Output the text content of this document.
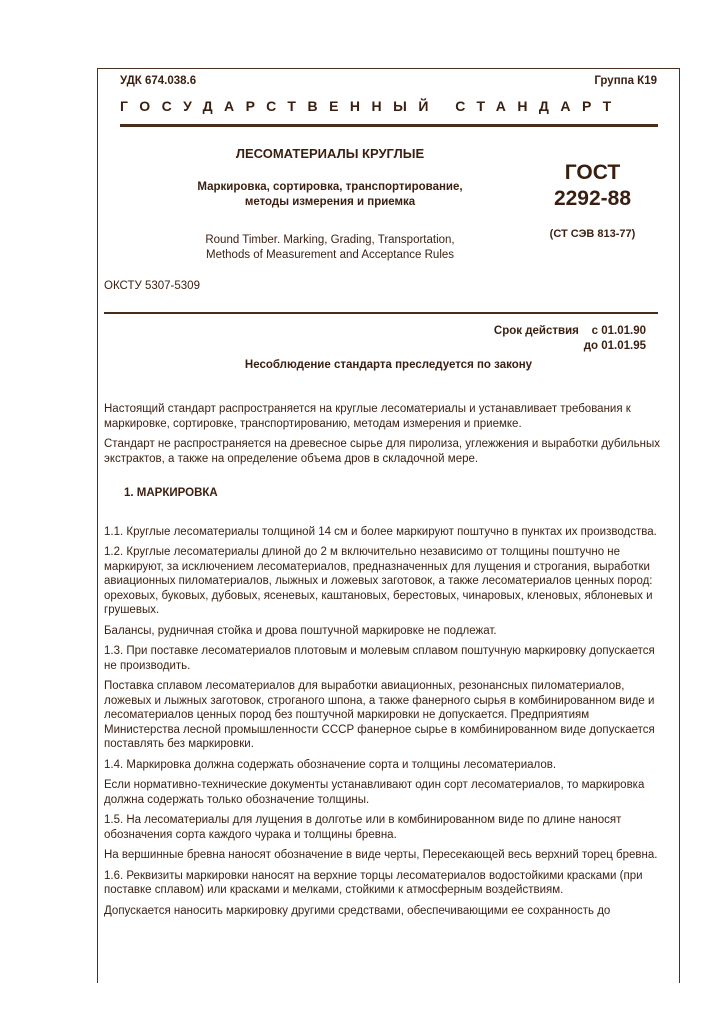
УДК 674.038.6	Группа К19
ГОСУДАРСТВЕННЫЙ СТАНДАРТ
ЛЕСОМАТЕРИАЛЫ КРУГЛЫЕ
Маркировка, сортировка, транспортирование,
методы измерения и приемка
Round Timber. Marking, Grading, Transportation,
Methods of Measurement and Acceptance Rules
ГОСТ
2292-88
(СТ СЭВ 813-77)
ОКСТУ 5307-5309
Срок действия с 01.01.90
до 01.01.95
Несоблюдение стандарта преследуется по закону

Настоящий стандарт распространяется на круглые лесоматериалы и устанавливает требования к маркировке, сортировке, транспортированию, методам измерения и приемке.

Стандарт не распространяется на древесное сырье для пиролиза, углежжения и выработки дубильных экстрактов, а также на определение объема дров в складочной мере.

1. МАРКИРОВКА

1.1. Круглые лесоматериалы толщиной 14 см и более маркируют поштучно в пунктах их производства.

1.2. Круглые лесоматериалы длиной до 2 м включительно независимо от толщины поштучно не маркируют, за исключением лесоматериалов, предназначенных для лущения и строгания, выработки авиационных пиломатериалов, лыжных и ложевых заготовок, а также лесоматериалов ценных пород: ореховых, буковых, дубовых, ясеневых, каштановых, берестовых, чинаровых, кленовых, яблоневых и грушевых.

Балансы, рудничная стойка и дрова поштучной маркировке не подлежат.

1.3. При поставке лесоматериалов плотовым и молевым сплавом поштучную маркировку допускается не производить.

Поставка сплавом лесоматериалов для выработки авиационных, резонансных пиломатериалов, ложевых и лыжных заготовок, строганого шпона, а также фанерного сырья в комбинированном виде и лесоматериалов ценных пород без поштучной маркировки не допускается. Предприятиям Министерства лесной промышленности СССР фанерное сырье в комбинированном виде допускается поставлять без маркировки.

1.4. Маркировка должна содержать обозначение сорта и толщины лесоматериалов.

Если нормативно-технические документы устанавливают один сорт лесоматериалов, то маркировка должна содержать только обозначение толщины.

1.5. На лесоматериалы для лущения в долготье или в комбинированном виде по длине наносят обозначения сорта каждого чурака и толщины бревна.

На вершинные бревна наносят обозначение в виде черты, Пересекающей весь верхний торец бревна.

1.6. Реквизиты маркировки наносят на верхние торцы лесоматериалов водостойкими красками (при поставке сплавом) или красками и мелками, стойкими к атмосферным воздействиям.

Допускается наносить маркировку другими средствами, обеспечивающими ее сохранность до
